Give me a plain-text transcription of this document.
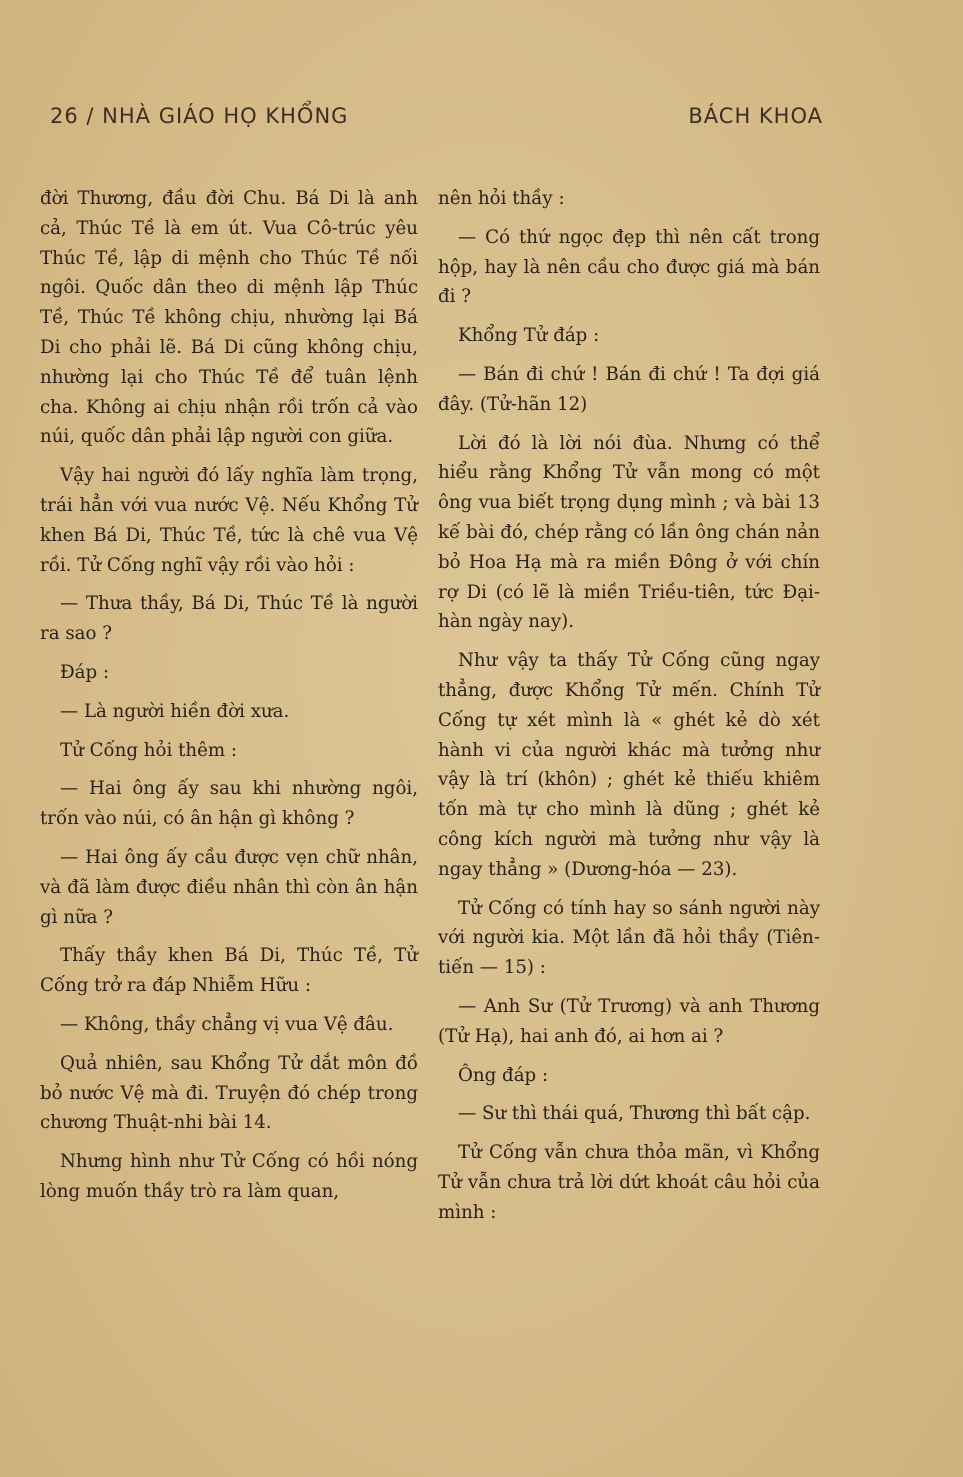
26 / NHÀ GIÁO HỌ KHỔNG	BÁCH KHOA

đời Thương, đầu đời Chu. Bá Di là anh cả, Thúc Tề là em út. Vua Cô-trúc yêu Thúc Tề, lập di mệnh cho Thúc Tề nối ngôi. Quốc dân theo di mệnh lập Thúc Tề, Thúc Tề không chịu, nhường lại Bá Di cho phải lẽ. Bá Di cũng không chịu, nhường lại cho Thúc Tề để tuân lệnh cha. Không ai chịu nhận rồi trốn cả vào núi, quốc dân phải lập người con giữa.

Vậy hai người đó lấy nghĩa làm trọng, trái hẳn với vua nước Vệ. Nếu Khổng Tử khen Bá Di, Thúc Tề, tức là chê vua Vệ rồi. Tử Cống nghĩ vậy rồi vào hỏi :

— Thưa thầy, Bá Di, Thúc Tề là người ra sao ?

Đáp :

— Là người hiền đời xưa.

Tử Cống hỏi thêm :

— Hai ông ấy sau khi nhường ngôi, trốn vào núi, có ân hận gì không ?

— Hai ông ấy cầu được vẹn chữ nhân, và đã làm được điều nhân thì còn ân hận gì nữa ?

Thấy thầy khen Bá Di, Thúc Tề, Tử Cống trở ra đáp Nhiễm Hữu :

— Không, thầy chẳng vị vua Vệ đâu.

Quả nhiên, sau Khổng Tử dắt môn đồ bỏ nước Vệ mà đi. Truyện đó chép trong chương Thuật-nhi bài 14.

Nhưng hình như Tử Cống có hồi nóng lòng muốn thầy trò ra làm quan,

nên hỏi thầy :

— Có thứ ngọc đẹp thì nên cất trong hộp, hay là nên cầu cho được giá mà bán đi ?

Khổng Tử đáp :

— Bán đi chứ ! Bán đi chứ ! Ta đợi giá đây. (Tử-hãn 12)

Lời đó là lời nói đùa. Nhưng có thể hiểu rằng Khổng Tử vẫn mong có một ông vua biết trọng dụng mình ; và bài 13 kế bài đó, chép rằng có lần ông chán nản bỏ Hoa Hạ mà ra miền Đông ở với chín rợ Di (có lẽ là miền Triều-tiên, tức Đại-hàn ngày nay).

Như vậy ta thấy Tử Cống cũng ngay thẳng, được Khổng Tử mến. Chính Tử Cống tự xét mình là « ghét kẻ dò xét hành vi của người khác mà tưởng như vậy là trí (khôn) ; ghét kẻ thiếu khiêm tốn mà tự cho mình là dũng ; ghét kẻ công kích người mà tưởng như vậy là ngay thẳng » (Dương-hóa — 23).

Tử Cống có tính hay so sánh người này với người kia. Một lần đã hỏi thầy (Tiên-tiến — 15) :

— Anh Sư (Tử Trương) và anh Thương (Tử Hạ), hai anh đó, ai hơn ai ?

Ông đáp :

— Sư thì thái quá, Thương thì bất cập.

Tử Cống vẫn chưa thỏa mãn, vì Khổng Tử vẫn chưa trả lời dứt khoát câu hỏi của mình :
